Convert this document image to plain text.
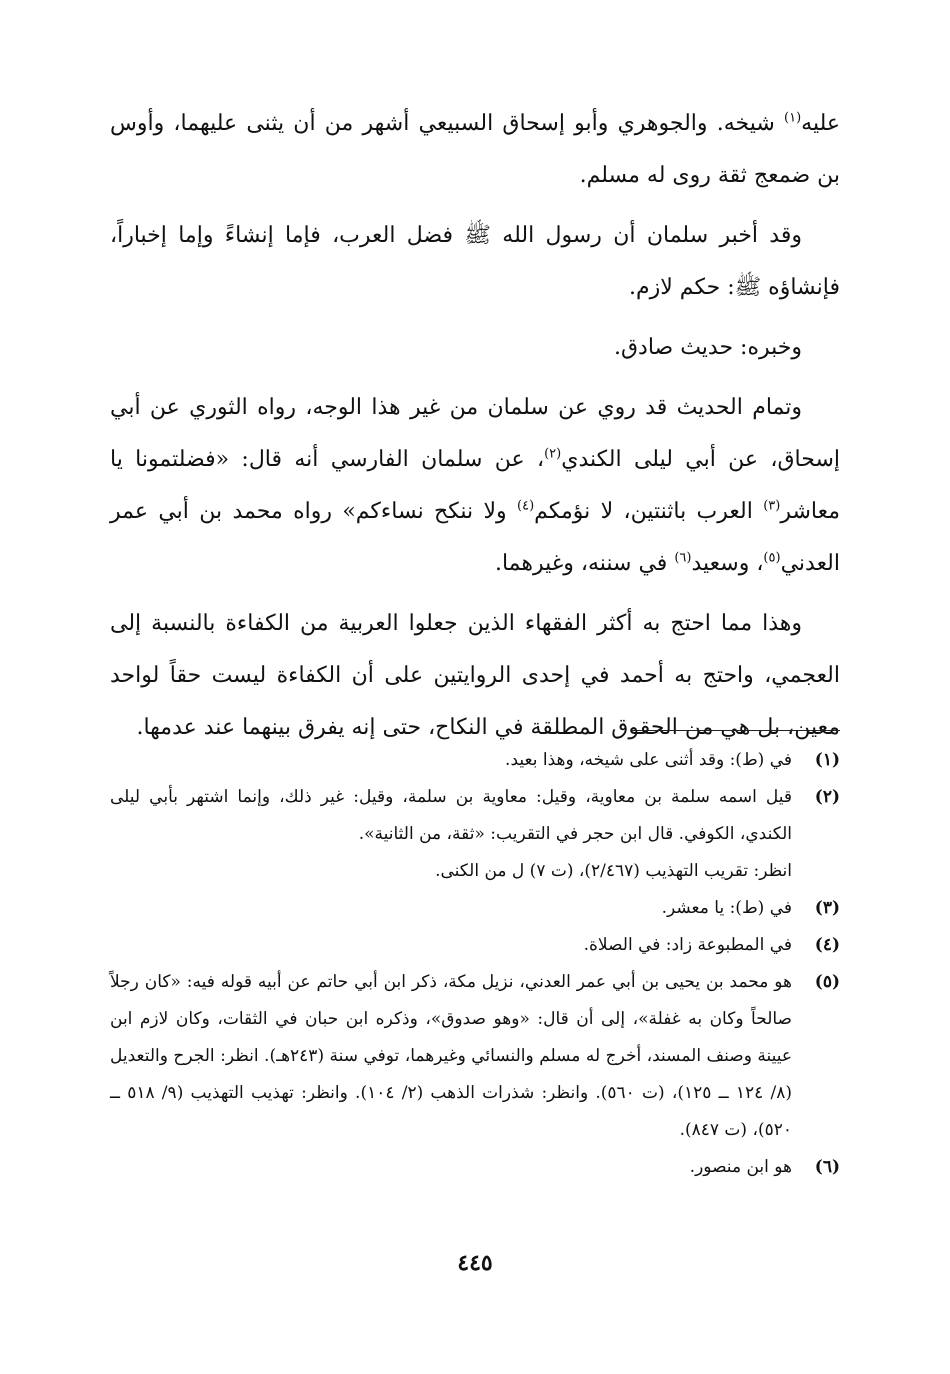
عليه$^{(١)}$ شيخه. والجوهري وأبو إسحاق السبيعي أشهر من أن يثنى عليهما، وأوس بن ضمعج ثقة روى له مسلم.

وقد أخبر سلمان أن رسول الله ﷺ فضل العرب، فإما إنشاءً وإما إخباراً، فإنشاؤه ﷺ: حكم لازم.

وخبره: حديث صادق.

وتمام الحديث قد روي عن سلمان من غير هذا الوجه، رواه الثوري عن أبي إسحاق، عن أبي ليلى الكندي$^{(٢)}$، عن سلمان الفارسي أنه قال: «فضلتمونا يا معاشر$^{(٣)}$ العرب باثنتين، لا نؤمكم$^{(٤)}$ ولا ننكح نساءكم» رواه محمد بن أبي عمر العدني$^{(٥)}$، وسعيد$^{(٦)}$ في سننه، وغيرهما.

وهذا مما احتج به أكثر الفقهاء الذين جعلوا العربية من الكفاءة بالنسبة إلى العجمي، واحتج به أحمد في إحدى الروايتين على أن الكفاءة ليست حقاً لواحد معين، بل هي من الحقوق المطلقة في النكاح، حتى إنه يفرق بينهما عند عدمها.

(١)
في (ط): وقد أثنى على شيخه، وهذا بعيد.
(٢)
قيل اسمه سلمة بن معاوية، وقيل: معاوية بن سلمة، وقيل: غير ذلك، وإنما اشتهر بأبي ليلى الكندي، الكوفي. قال ابن حجر في التقريب: «ثقة، من الثانية».
انظر: تقريب التهذيب (٢/٤٦٧)، (ت ٧) ل من الكنى.
(٣)
في (ط): يا معشر.
(٤)
في المطبوعة زاد: في الصلاة.
(٥)
هو محمد بن يحيى بن أبي عمر العدني، نزيل مكة، ذكر ابن أبي حاتم عن أبيه قوله فيه: «كان رجلاً صالحاً وكان به غفلة»، إلى أن قال: «وهو صدوق»، وذكره ابن حبان في الثقات، وكان لازم ابن عيينة وصنف المسند، أخرج له مسلم والنسائي وغيرهما، توفي سنة (٢٤٣هـ). انظر: الجرح والتعديل (٨/ ١٢٤ ــ ١٢٥)، (ت ٥٦٠). وانظر: شذرات الذهب (٢/ ١٠٤). وانظر: تهذيب التهذيب (٩/ ٥١٨ ــ ٥٢٠)، (ت ٨٤٧).
(٦)
هو ابن منصور.
٤٤٥
